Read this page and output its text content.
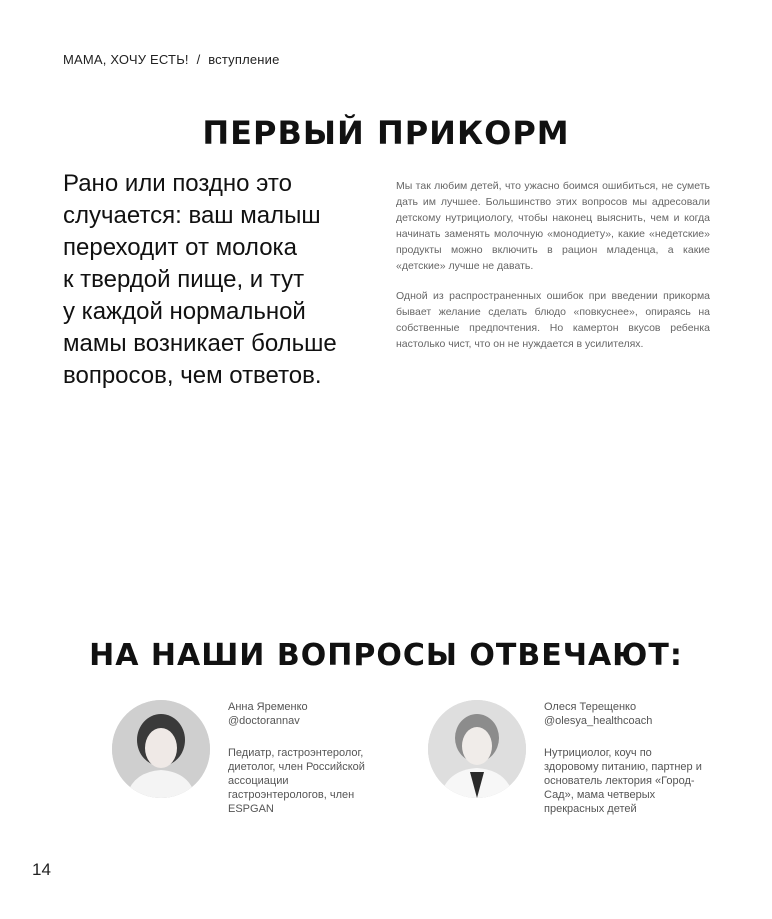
МАМА, ХОЧУ ЕСТЬ! / вступление
ПЕРВЫЙ ПРИКОРМ
Рано или поздно это
случается: ваш малыш
переходит от молока
к твердой пище, и тут
у каждой нормальной
мамы возникает больше
вопросов, чем ответов.

Мы так любим детей, что ужасно боимся ошибиться, не суметь дать им лучшее. Большинство этих вопросов мы адресовали детскому нутрициологу, чтобы наконец выяснить, чем и когда начинать заменять молочную «монодиету», какие «недетские» продукты можно включить в рацион младенца, а какие «детские» лучше не давать.

Одной из распространенных ошибок при введении прикорма бывает желание сделать блюдо «повкуснее», опираясь на собственные предпочтения. Но камертон вкусов ребенка настолько чист, что он не нуждается в усилителях.

НА НАШИ ВОПРОСЫ ОТВЕЧАЮТ:
Анна Яременко
@doctorannav
Педиатр, гастроэнтеролог, диетолог, член Российской ассоциации гастроэнтерологов, член ESPGAN
Олеся Терещенко
@olesya_healthcoach
Нутрициолог, коуч по здоровому питанию, партнер и основатель лектория «Город-Сад», мама четверых прекрасных детей
14
